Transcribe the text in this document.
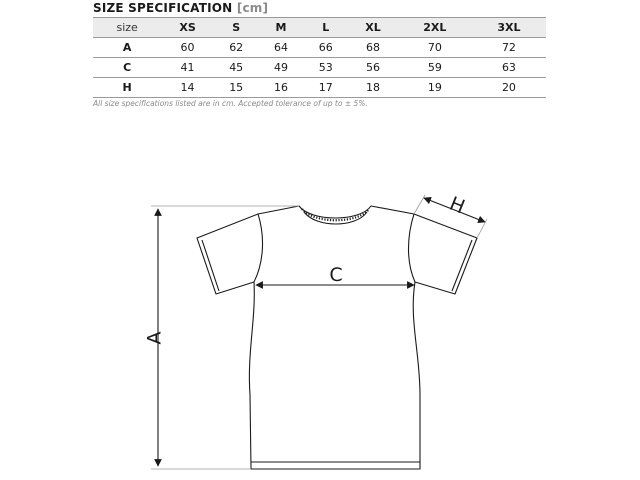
SIZE SPECIFICATION [cm]
size	XS	S	M	L	XL	2XL	3XL
A	60	62	64	66	68	70	72
C	41	45	49	53	56	59	63
H	14	15	16	17	18	19	20
All size specifications listed are in cm. Accepted tolerance of up to ± 5%.
A
C
H
